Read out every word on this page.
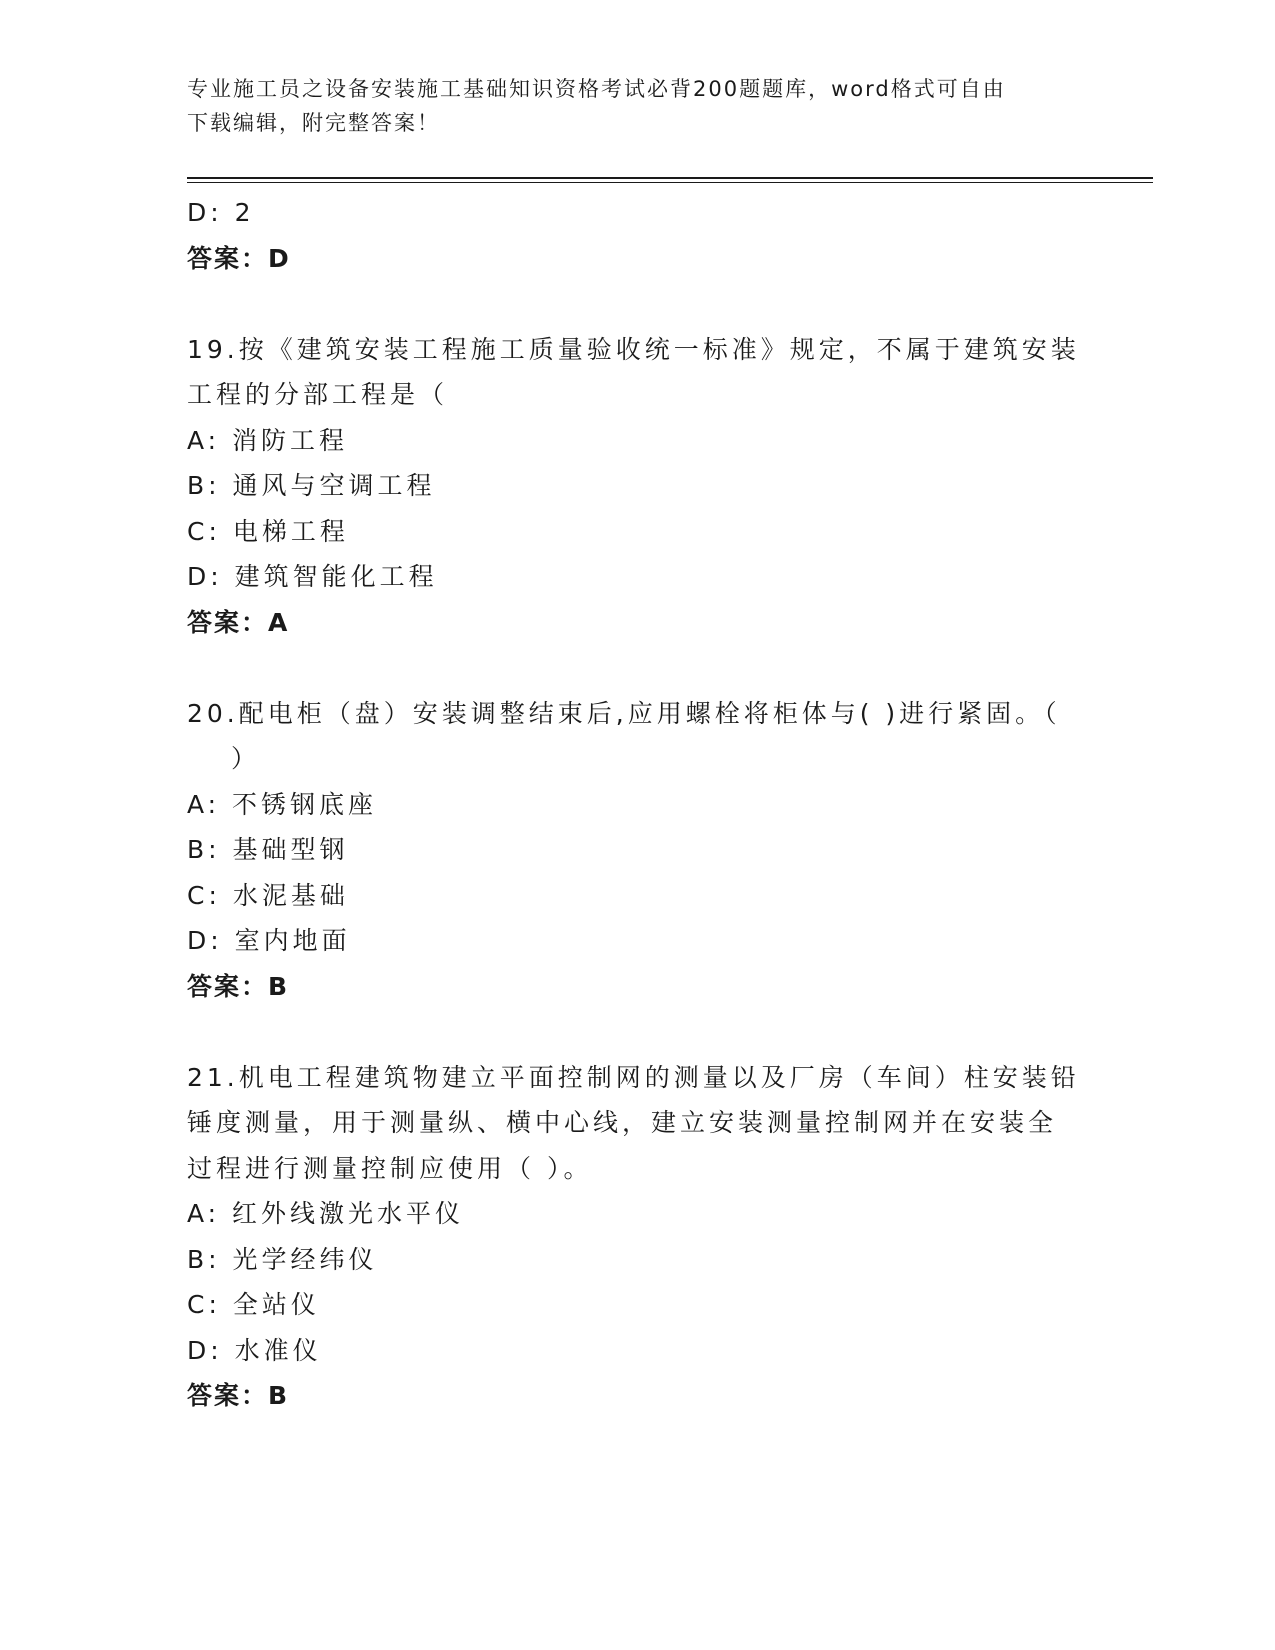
专业施工员之设备安装施工基础知识资格考试必背200题题库，word格式可自由
下载编辑，附完整答案！
D: 2
答案：D
19.按《建筑安装工程施工质量验收统一标准》规定，不属于建筑安装
工程的分部工程是（
A: 消防工程
B: 通风与空调工程
C: 电梯工程
D: 建筑智能化工程
答案：A
20.配电柜（盘）安装调整结束后,应用螺栓将柜体与( )进行紧固。（
）
A: 不锈钢底座
B: 基础型钢
C: 水泥基础
D: 室内地面
答案：B
21.机电工程建筑物建立平面控制网的测量以及厂房（车间）柱安装铅
锤度测量，用于测量纵、横中心线，建立安装测量控制网并在安装全
过程进行测量控制应使用（ ）。
A: 红外线激光水平仪
B: 光学经纬仪
C: 全站仪
D: 水准仪
答案：B
